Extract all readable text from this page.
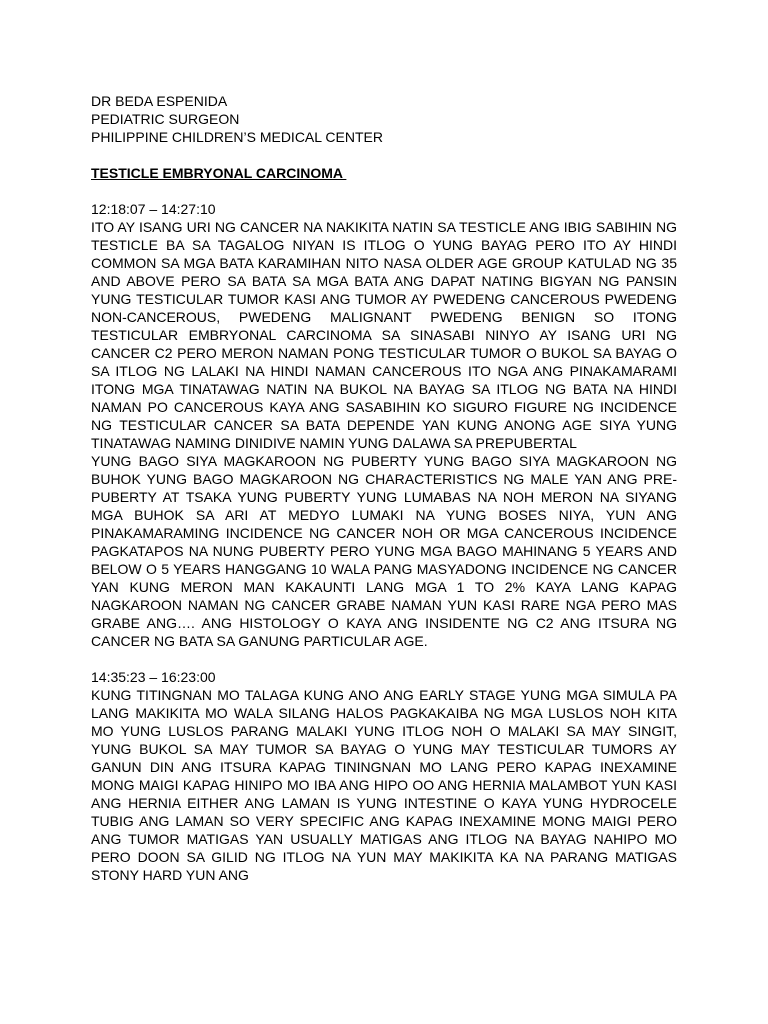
DR BEDA ESPENIDA
PEDIATRIC SURGEON
PHILIPPINE CHILDREN’S MEDICAL CENTER
TESTICLE EMBRYONAL CARCINOMA
12:18:07 – 14:27:10

ITO AY ISANG URI NG CANCER NA NAKIKITA NATIN SA TESTICLE ANG IBIG SABIHIN NG TESTICLE BA SA TAGALOG NIYAN IS ITLOG O YUNG BAYAG PERO ITO AY HINDI COMMON SA MGA BATA KARAMIHAN NITO NASA OLDER AGE GROUP KATULAD NG 35 AND ABOVE PERO SA BATA SA MGA BATA ANG DAPAT NATING BIGYAN NG PANSIN YUNG TESTICULAR TUMOR KASI ANG TUMOR AY PWEDENG CANCEROUS PWEDENG NON-CANCEROUS, PWEDENG MALIGNANT PWEDENG BENIGN SO ITONG TESTICULAR EMBRYONAL CARCINOMA SA SINASABI NINYO AY ISANG URI NG CANCER C2 PERO MERON NAMAN PONG TESTICULAR TUMOR O BUKOL SA BAYAG O SA ITLOG NG LALAKI NA HINDI NAMAN CANCEROUS ITO NGA ANG PINAKAMARAMI ITONG MGA TINATAWAG NATIN NA BUKOL NA BAYAG SA ITLOG NG BATA NA HINDI NAMAN PO CANCEROUS KAYA ANG SASABIHIN KO SIGURO FIGURE NG INCIDENCE NG TESTICULAR CANCER SA BATA DEPENDE YAN KUNG ANONG AGE SIYA YUNG TINATAWAG NAMING DINIDIVE NAMIN YUNG DALAWA SA PREPUBERTAL

YUNG BAGO SIYA MAGKAROON NG PUBERTY YUNG BAGO SIYA MAGKAROON NG BUHOK YUNG BAGO MAGKAROON NG CHARACTERISTICS NG MALE YAN ANG PRE-PUBERTY AT TSAKA YUNG PUBERTY YUNG LUMABAS NA NOH MERON NA SIYANG MGA BUHOK SA ARI AT MEDYO LUMAKI NA YUNG BOSES NIYA, YUN ANG PINAKAMARAMING INCIDENCE NG CANCER NOH OR MGA CANCEROUS INCIDENCE PAGKATAPOS NA NUNG PUBERTY PERO YUNG MGA BAGO MAHINANG 5 YEARS AND BELOW O 5 YEARS HANGGANG 10 WALA PANG MASYADONG INCIDENCE NG CANCER YAN KUNG MERON MAN KAKAUNTI LANG MGA 1 TO 2% KAYA LANG KAPAG NAGKAROON NAMAN NG CANCER GRABE NAMAN YUN KASI RARE NGA PERO MAS GRABE ANG…. ANG HISTOLOGY O KAYA ANG INSIDENTE NG C2 ANG ITSURA NG CANCER NG BATA SA GANUNG PARTICULAR AGE.

14:35:23 – 16:23:00

KUNG TITINGNAN MO TALAGA KUNG ANO ANG EARLY STAGE YUNG MGA SIMULA PA LANG MAKIKITA MO WALA SILANG HALOS PAGKAKAIBA NG MGA LUSLOS NOH KITA MO YUNG LUSLOS PARANG MALAKI YUNG ITLOG NOH O MALAKI SA MAY SINGIT, YUNG BUKOL SA MAY TUMOR SA BAYAG O YUNG MAY TESTICULAR TUMORS AY GANUN DIN ANG ITSURA KAPAG TININGNAN MO LANG PERO KAPAG INEXAMINE MONG MAIGI KAPAG HINIPO MO IBA ANG HIPO OO ANG HERNIA MALAMBOT YUN KASI ANG HERNIA EITHER ANG LAMAN IS YUNG INTESTINE O KAYA YUNG HYDROCELE TUBIG ANG LAMAN SO VERY SPECIFIC ANG KAPAG INEXAMINE MONG MAIGI PERO ANG TUMOR MATIGAS YAN USUALLY MATIGAS ANG ITLOG NA BAYAG NAHIPO MO PERO DOON SA GILID NG ITLOG NA YUN MAY MAKIKITA KA NA PARANG MATIGAS STONY HARD YUN ANG
